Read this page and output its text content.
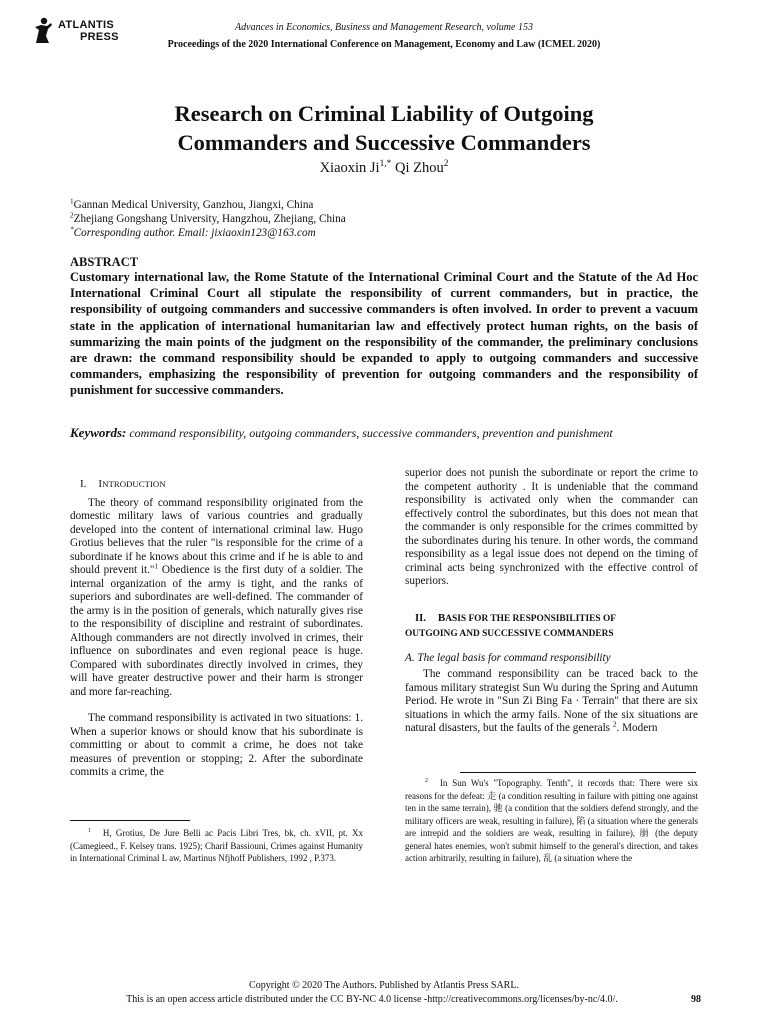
ATLANTIS
PRESS
Advances in Economics, Business and Management Research, volume 153
Proceedings of the 2020 International Conference on Management, Economy and Law (ICMEL 2020)
Research on Criminal Liability of Outgoing
Commanders and Successive Commanders
Xiaoxin $Ji^{1,*}$ Qi Zhou$^2$
$^1$Gannan Medical University, Ganzhou, Jiangxi, China
$^2$Zhejiang Gongshang University, Hangzhou, Zhejiang, China
*Corresponding author. Email: jixiaoxin123@163.com
ABSTRACT
Customary international law, the Rome Statute of the International Criminal Court and the Statute of the Ad Hoc International Criminal Court all stipulate the responsibility of current commanders, but in practice, the responsibility of outgoing commanders and successive commanders is often involved. In order to prevent a vacuum state in the application of international humanitarian law and effectively protect human rights, on the basis of summarizing the main points of the judgment on the responsibility of the commander, the preliminary conclusions are drawn: the command responsibility should be expanded to apply to outgoing commanders and successive commanders, emphasizing the responsibility of prevention for outgoing commanders and the responsibility of punishment for successive commanders.
Keywords: command responsibility, outgoing commanders, successive commanders, prevention and punishment
I. INTRODUCTION

The theory of command responsibility originated from the domestic military laws of various countries and gradually developed into the content of international criminal law. Hugo Grotius believes that the ruler "is responsible for the crime of a subordinate if he knows about this crime and if he is able to and should prevent it."$^1$ Obedience is the first duty of a soldier. The internal organization of the army is tight, and the ranks of superiors and subordinates are well-defined. The commander of the army is in the position of generals, which naturally gives rise to the responsibility of discipline and restraint of subordinates. Although commanders are not directly involved in crimes, their influence on subordinates and even regional peace is huge. Compared with subordinates directly involved in crimes, they will have greater destructive power and their harm is stronger and more far-reaching.

The command responsibility is activated in two situations: 1. When a superior knows or should know that his subordinate is committing or about to commit a crime, he does not take measures of prevention or stopping; 2. After the subordinate commits a crime, the

$^1$ H, Grotius, De Jure Belli ac Pacis Libri Tres, bk, ch. xVII, pt. Xx (Camegieed., F. Kelsey trans. 1925); Charif Bassiouni, Crimes against Humanity in International Criminal L aw, Martinus Nfjhoff Publishers, 1992 , P.373.

superior does not punish the subordinate or report the crime to the competent authority . It is undeniable that the command responsibility is activated only when the commander can effectively control the subordinates, but this does not mean that the commander is only responsible for the crimes committed by the subordinates during his tenure. In other words, the command responsibility as a legal issue does not depend on the timing of criminal acts being synchronized with the effective control of superiors.

II. BASIS FOR THE RESPONSIBILITIES OF
OUTGOING AND SUCCESSIVE COMMANDERS
A. The legal basis for command responsibility

The command responsibility can be traced back to the famous military strategist Sun Wu during the Spring and Autumn Period. He wrote in "Sun Zi Bing Fa · Terrain" that there are six situations in which the army fails. None of the six situations are natural disasters, but the faults of the generals $^2$. Modern

$^2$ In Sun Wu's "Topography. Tenth", it records that: There were six reasons for the defeat: 走 (a condition resulting in failure with pitting one against ten in the same terrain), 驰 (a condition that the soldiers defend strongly, and the military officers are weak, resulting in failure), 陷 (a situation where the generals are intrepid and the soldiers are weak, resulting in failure), 崩 (the deputy general hates enemies, won't submit himself to the general's direction, and takes action arbitrarily, resulting in failure), 乱 (a situation where the
Copyright © 2020 The Authors. Published by Atlantis Press SARL.
This is an open access article distributed under the CC BY-NC 4.0 license -http://creativecommons.org/licenses/by-nc/4.0/.	98
